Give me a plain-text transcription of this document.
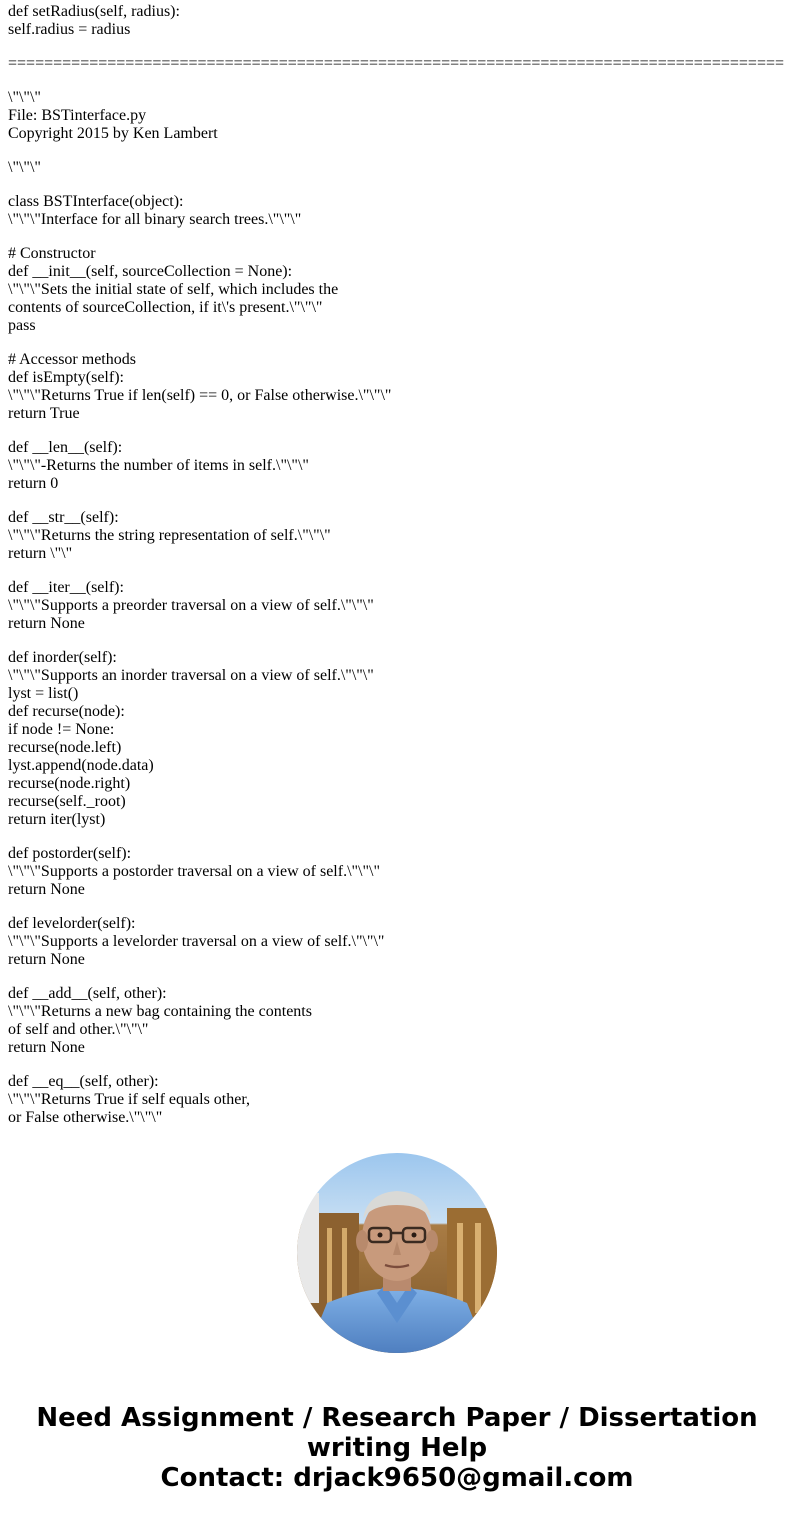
def setRadius(self, radius):
self.radius = radius
======================================================================================
\"\"\"
File: BSTinterface.py
Copyright 2015 by Ken Lambert
\"\"\"
class BSTInterface(object):
\"\"\"Interface for all binary search trees.\"\"\"
# Constructor
def __init__(self, sourceCollection = None):
\"\"\"Sets the initial state of self, which includes the
contents of sourceCollection, if it\'s present.\"\"\"
pass
# Accessor methods
def isEmpty(self):
\"\"\"Returns True if len(self) == 0, or False otherwise.\"\"\"
return True
def __len__(self):
\"\"\"-Returns the number of items in self.\"\"\"
return 0
def __str__(self):
\"\"\"Returns the string representation of self.\"\"\"
return \"\"
def __iter__(self):
\"\"\"Supports a preorder traversal on a view of self.\"\"\"
return None
def inorder(self):
\"\"\"Supports an inorder traversal on a view of self.\"\"\"
lyst = list()
def recurse(node):
if node != None:
recurse(node.left)
lyst.append(node.data)
recurse(node.right)
recurse(self._root)
return iter(lyst)
def postorder(self):
\"\"\"Supports a postorder traversal on a view of self.\"\"\"
return None
def levelorder(self):
\"\"\"Supports a levelorder traversal on a view of self.\"\"\"
return None
def __add__(self, other):
\"\"\"Returns a new bag containing the contents
of self and other.\"\"\"
return None
def __eq__(self, other):
\"\"\"Returns True if self equals other,
or False otherwise.\"\"\"
Need Assignment / Research Paper / Dissertation
writing Help
Contact: drjack9650@gmail.com
